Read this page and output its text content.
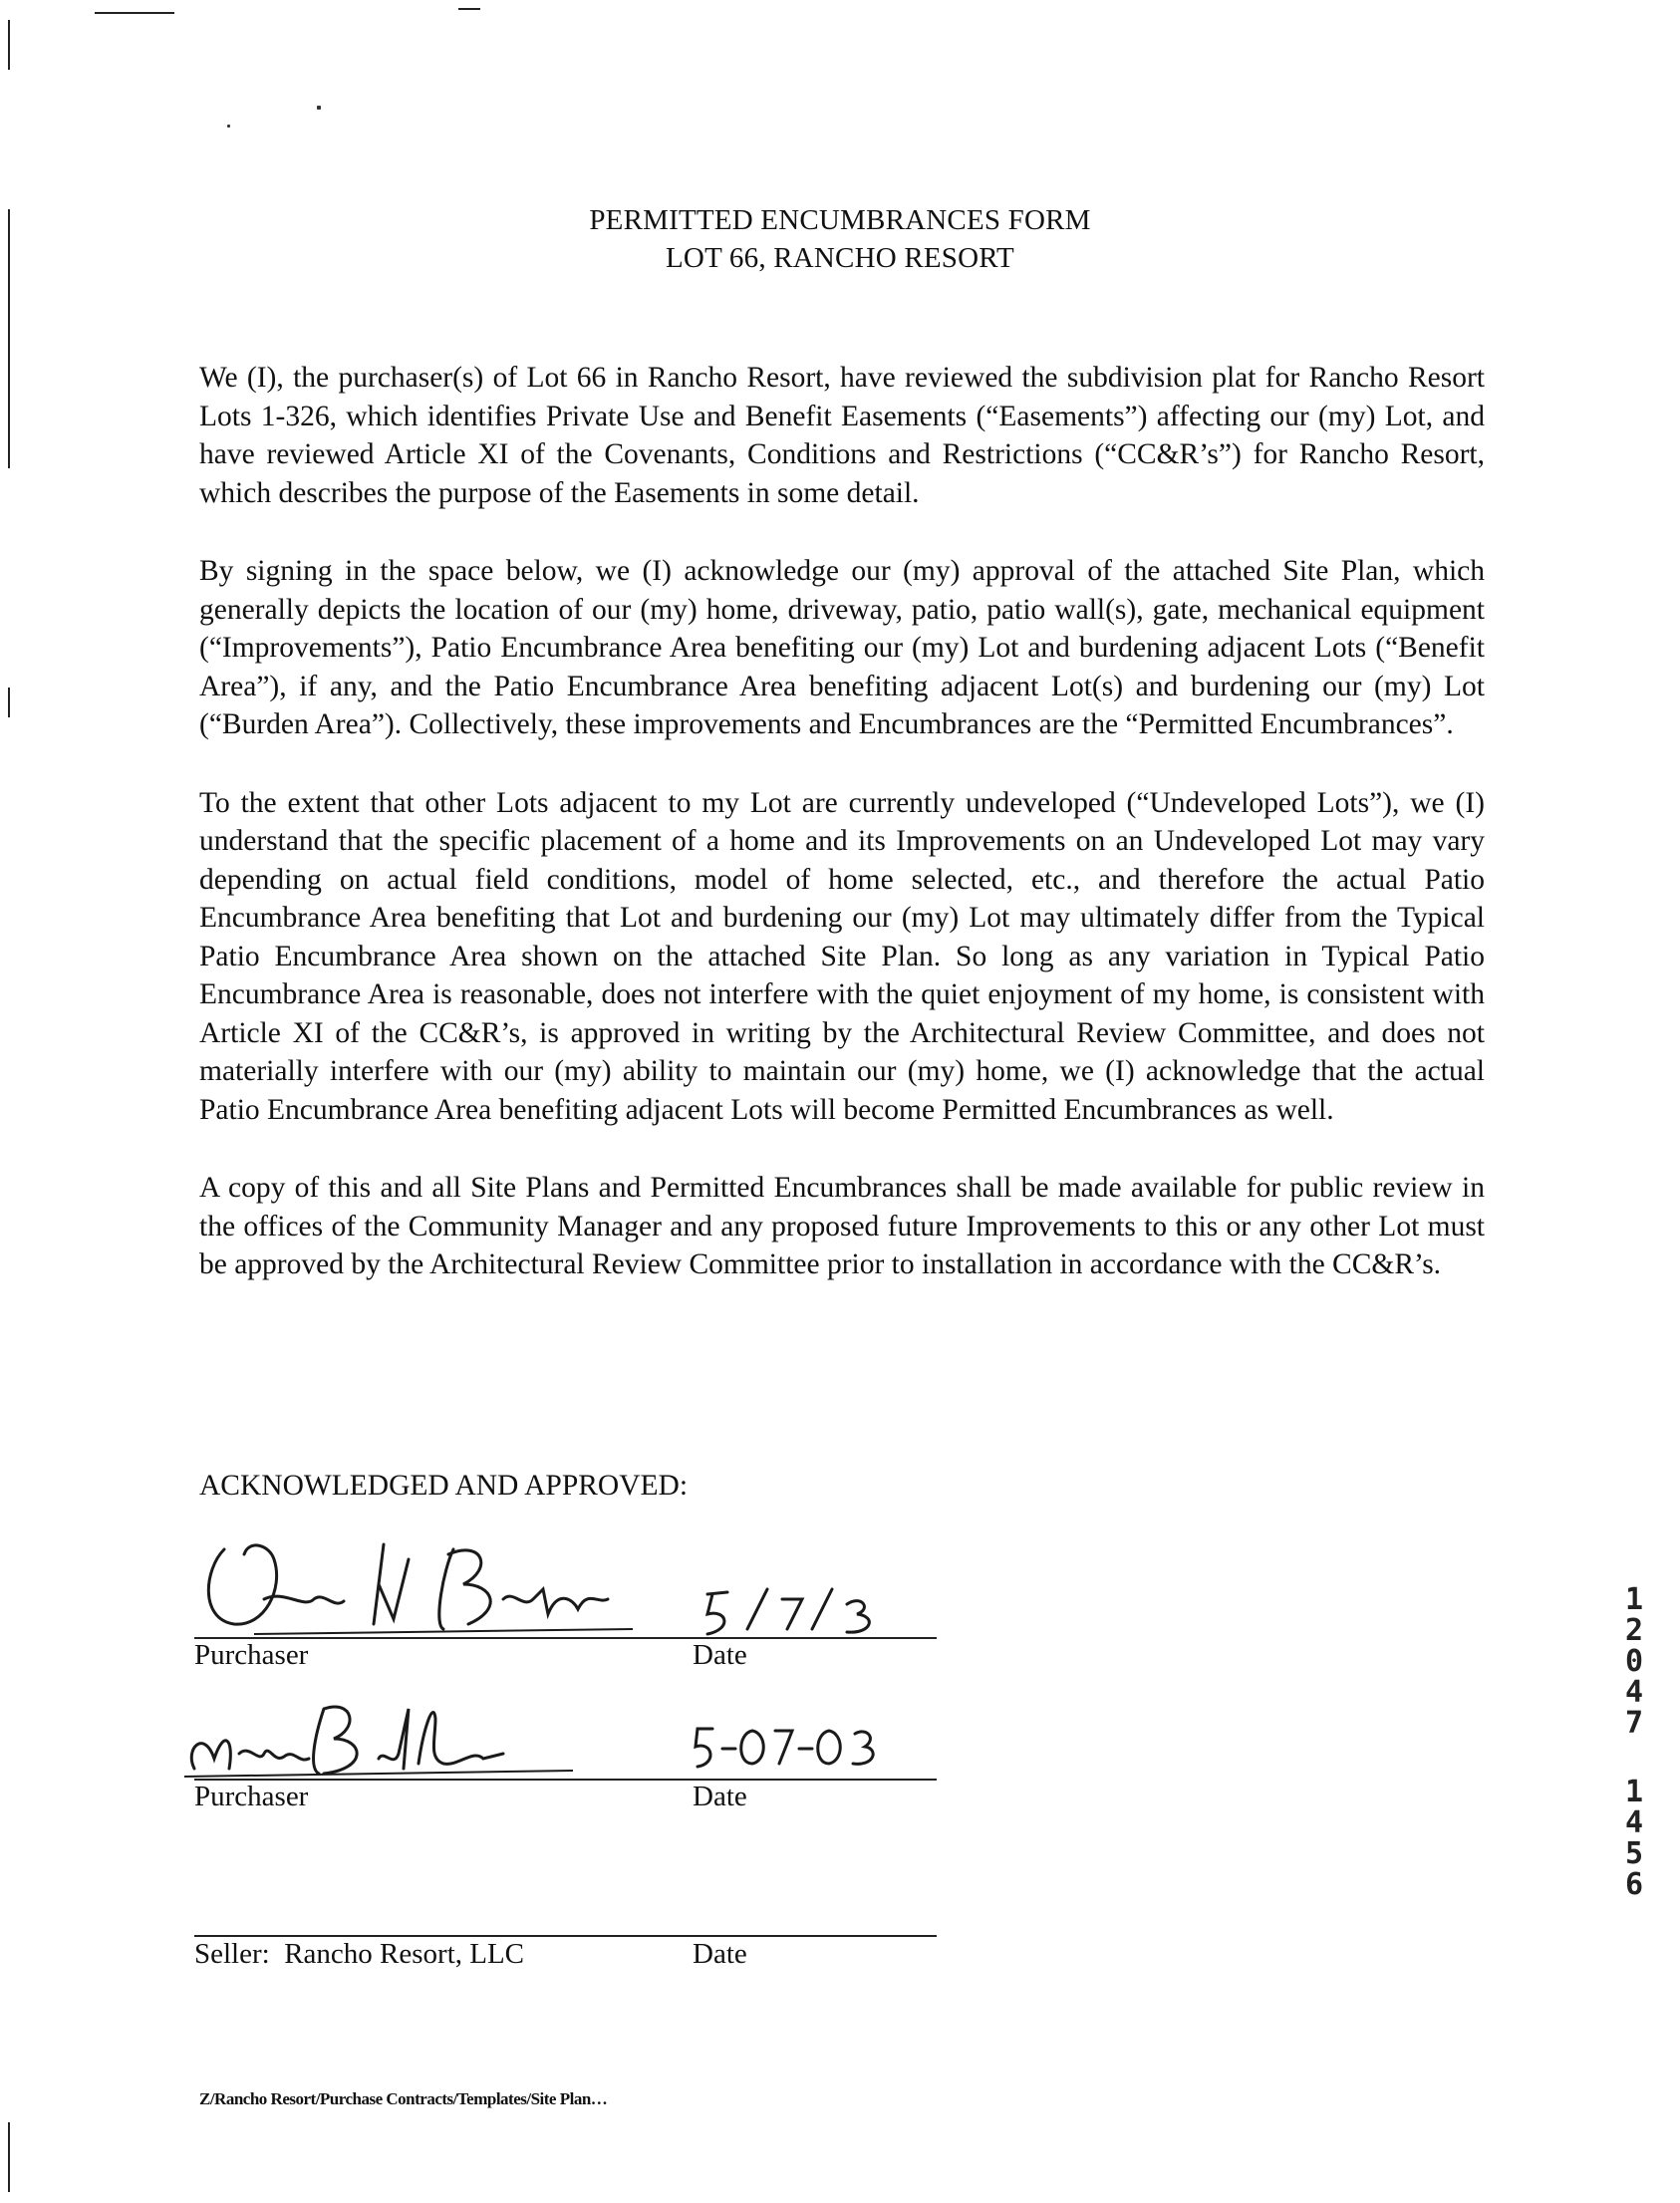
PERMITTED ENCUMBRANCES FORM
LOT 66, RANCHO RESORT

We (I), the purchaser(s) of Lot 66 in Rancho Resort, have reviewed the subdivision plat for Rancho Resort Lots 1-326, which identifies Private Use and Benefit Easements (“Easements”) affecting our (my) Lot, and have reviewed Article XI of the Covenants, Conditions and Restrictions (“CC&R’s”) for Rancho Resort, which describes the purpose of the Easements in some detail.

By signing in the space below, we (I) acknowledge our (my) approval of the attached Site Plan, which generally depicts the location of our (my) home, driveway, patio, patio wall(s), gate, mechanical equipment (“Improvements”), Patio Encumbrance Area benefiting our (my) Lot and burdening adjacent Lots (“Benefit Area”), if any, and the Patio Encumbrance Area benefiting adjacent Lot(s) and burdening our (my) Lot (“Burden Area”). Collectively, these improvements and Encumbrances are the “Permitted Encumbrances”.

To the extent that other Lots adjacent to my Lot are currently undeveloped (“Undeveloped Lots”), we (I) understand that the specific placement of a home and its Improvements on an Undeveloped Lot may vary depending on actual field conditions, model of home selected, etc., and therefore the actual Patio Encumbrance Area benefiting that Lot and burdening our (my) Lot may ultimately differ from the Typical Patio Encumbrance Area shown on the attached Site Plan. So long as any variation in Typical Patio Encumbrance Area is reasonable, does not interfere with the quiet enjoyment of my home, is consistent with Article XI of the CC&R’s, is approved in writing by the Architectural Review Committee, and does not materially interfere with our (my) ability to maintain our (my) home, we (I) acknowledge that the actual Patio Encumbrance Area benefiting adjacent Lots will become Permitted Encumbrances as well.

A copy of this and all Site Plans and Permitted Encumbrances shall be made available for public review in the offices of the Community Manager and any proposed future Improvements to this or any other Lot must be approved by the Architectural Review Committee prior to installation in accordance with the CC&R’s.

ACKNOWLEDGED AND APPROVED:
Purchaser	Date
Purchaser	Date
Seller:  Rancho Resort, LLC	Date
Z/Rancho Resort/Purchase Contracts/Templates/Site Plan…
1
2
0
4
7
1
4
5
6
